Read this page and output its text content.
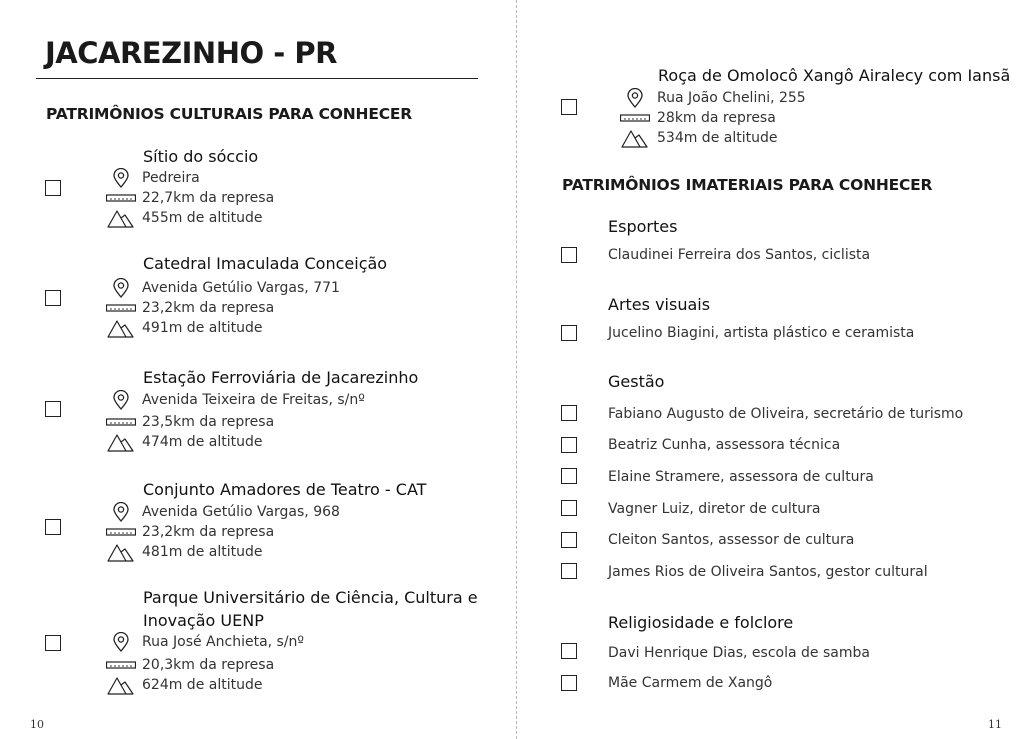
JACAREZINHO - PR
PATRIMÔNIOS CULTURAIS PARA CONHECER
Sítio do sóccio
Pedreira
22,7km da represa
455m de altitude
Catedral Imaculada Conceição
Avenida Getúlio Vargas, 771
23,2km da represa
491m de altitude
Estação Ferroviária de Jacarezinho
Avenida Teixeira de Freitas, s/nº
23,5km da represa
474m de altitude
Conjunto Amadores de Teatro - CAT
Avenida Getúlio Vargas, 968
23,2km da represa
481m de altitude
Parque Universitário de Ciência, Cultura e Inovação UENP
Rua José Anchieta, s/nº
20,3km da represa
624m de altitude
10
Roça de Omolocô Xangô Airalecy com Iansã
Rua João Chelini, 255
28km da represa
534m de altitude
PATRIMÔNIOS IMATERIAIS PARA CONHECER
Esportes
Claudinei Ferreira dos Santos, ciclista
Artes visuais
Jucelino Biagini, artista plástico e ceramista
Gestão
Fabiano Augusto de Oliveira, secretário de turismo
Beatriz Cunha, assessora técnica
Elaine Stramere, assessora de cultura
Vagner Luiz, diretor de cultura
Cleiton Santos, assessor de cultura
James Rios de Oliveira Santos, gestor cultural
Religiosidade e folclore
Davi Henrique Dias, escola de samba
Mãe Carmem de Xangô
11
